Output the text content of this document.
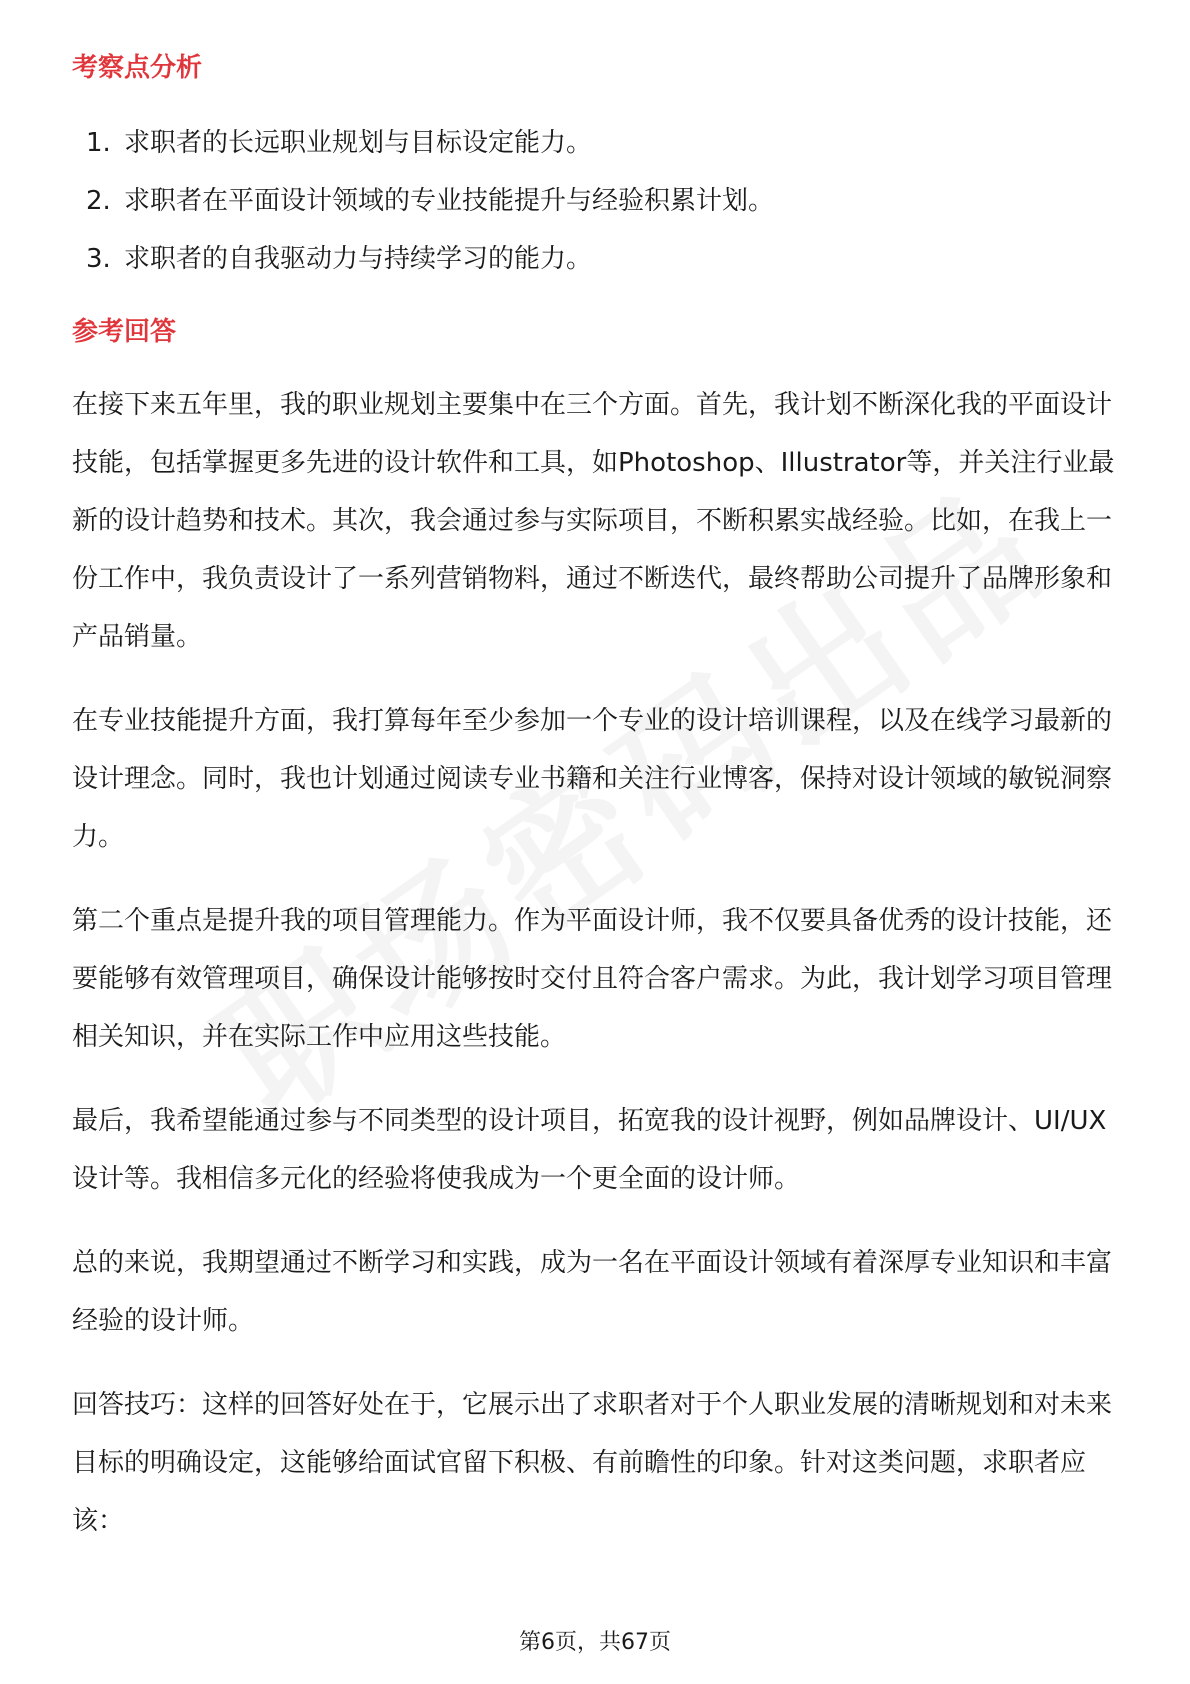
考察点分析
1. 求职者的长远职业规划与目标设定能力。
2. 求职者在平面设计领域的专业技能提升与经验积累计划。
3. 求职者的自我驱动力与持续学习的能力。
参考回答

在接下来五年里，我的职业规划主要集中在三个方面。首先，我计划不断深化我的平面设计技能，包括掌握更多先进的设计软件和工具，如Photoshop、Illustrator等，并关注行业最新的设计趋势和技术。其次，我会通过参与实际项目，不断积累实战经验。比如，在我上一份工作中，我负责设计了一系列营销物料，通过不断迭代，最终帮助公司提升了品牌形象和产品销量。

在专业技能提升方面，我打算每年至少参加一个专业的设计培训课程，以及在线学习最新的设计理念。同时，我也计划通过阅读专业书籍和关注行业博客，保持对设计领域的敏锐洞察力。

第二个重点是提升我的项目管理能力。作为平面设计师，我不仅要具备优秀的设计技能，还要能够有效管理项目，确保设计能够按时交付且符合客户需求。为此，我计划学习项目管理相关知识，并在实际工作中应用这些技能。

最后，我希望能通过参与不同类型的设计项目，拓宽我的设计视野，例如品牌设计、UI/UX设计等。我相信多元化的经验将使我成为一个更全面的设计师。

总的来说，我期望通过不断学习和实践，成为一名在平面设计领域有着深厚专业知识和丰富经验的设计师。

回答技巧：这样的回答好处在于，它展示出了求职者对于个人职业发展的清晰规划和对未来目标的明确设定，这能够给面试官留下积极、有前瞻性的印象。针对这类问题，求职者应该：

第6页，共67页
